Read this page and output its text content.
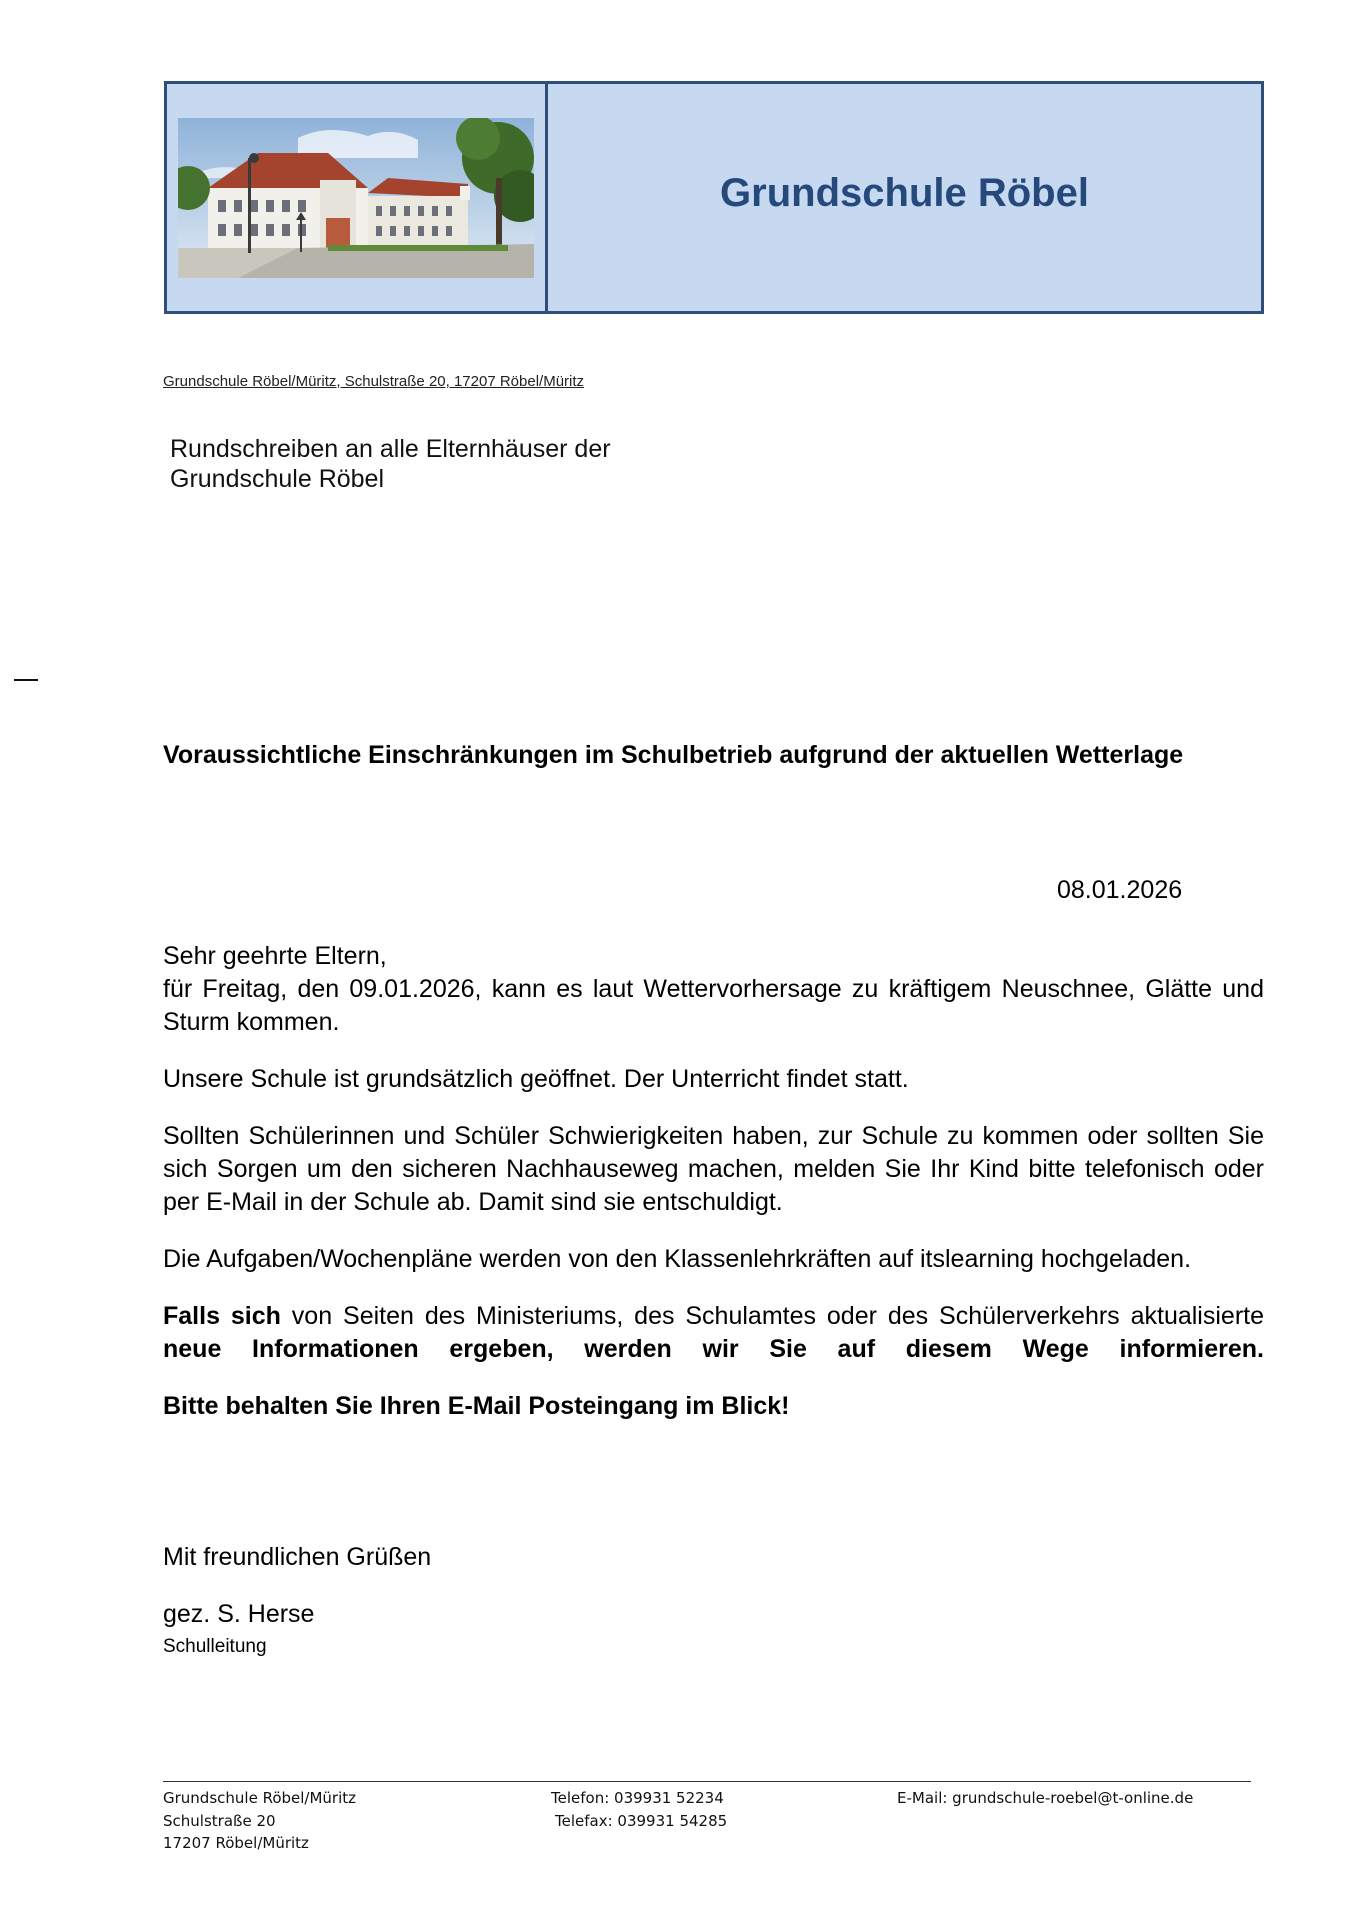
Grundschule Röbel
Grundschule Röbel/Müritz, Schulstraße 20, 17207 Röbel/Müritz
Rundschreiben an alle Elternhäuser der
Grundschule Röbel
Voraussichtliche Einschränkungen im Schulbetrieb aufgrund der aktuellen Wetterlage
08.01.2026

Sehr geehrte Eltern,

für Freitag, den 09.01.2026, kann es laut Wettervorhersage zu kräftigem Neuschnee, Glätte und Sturm kommen.

Unsere Schule ist grundsätzlich geöffnet. Der Unterricht findet statt.

Sollten Schülerinnen und Schüler Schwierigkeiten haben, zur Schule zu kommen oder sollten Sie sich Sorgen um den sicheren Nachhauseweg machen, melden Sie Ihr Kind bitte telefonisch oder per E-Mail in der Schule ab. Damit sind sie entschuldigt.

Die Aufgaben/Wochenpläne werden von den Klassenlehrkräften auf itslearning hochgeladen.

Falls sich von Seiten des Ministeriums, des Schulamtes oder des Schülerverkehrs aktualisierte neue Informationen ergeben, werden wir Sie auf diesem Wege informieren.

Bitte behalten Sie Ihren E-Mail Posteingang im Blick!

Mit freundlichen Grüßen
gez. S. Herse
Schulleitung
Grundschule Röbel/Müritz
Schulstraße 20
17207 Röbel/Müritz
Telefon: 039931 52234
Telefax: 039931 54285
E-Mail: grundschule-roebel@t-online.de
